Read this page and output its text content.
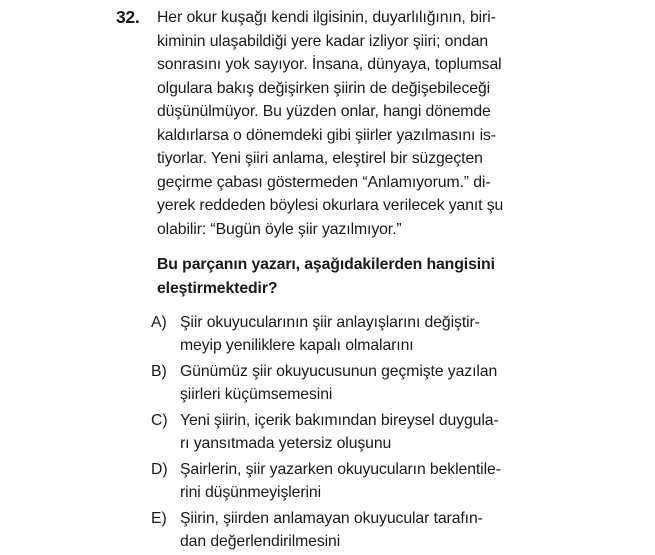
32. Her okur kuşağı kendi ilgisinin, duyarlılığının, biri-
kiminin ulaşabildiği yere kadar izliyor şiiri; ondan
sonrasını yok sayıyor. İnsana, dünyaya, toplumsal
olgulara bakış değişirken şiirin de değişebileceği
düşünülmüyor. Bu yüzden onlar, hangi dönemde
kaldırlarsa o dönemdeki gibi şiirler yazılmasını is-
tiyorlar. Yeni şiiri anlama, eleştirel bir süzgeçten
geçirme çabası göstermeden “Anlamıyorum.” di-
yerek reddeden böylesi okurlara verilecek yanıt şu
olabilir: “Bugün öyle şiir yazılmıyor.”
Bu parçanın yazarı, aşağıdakilerden hangisini
eleştirmektedir?
A) Şiir okuyucularının şiir anlayışlarını değiştir-
meyip yeniliklere kapalı olmalarını
B) Günümüz şiir okuyucusunun geçmişte yazılan
şiirleri küçümsemesini
C) Yeni şiirin, içerik bakımından bireysel duygula-
rı yansıtmada yetersiz oluşunu
D) Şairlerin, şiir yazarken okuyucuların beklentile-
rini düşünmeyişlerini
E) Şiirin, şiirden anlamayan okuyucular tarafın-
dan değerlendirilmesini
